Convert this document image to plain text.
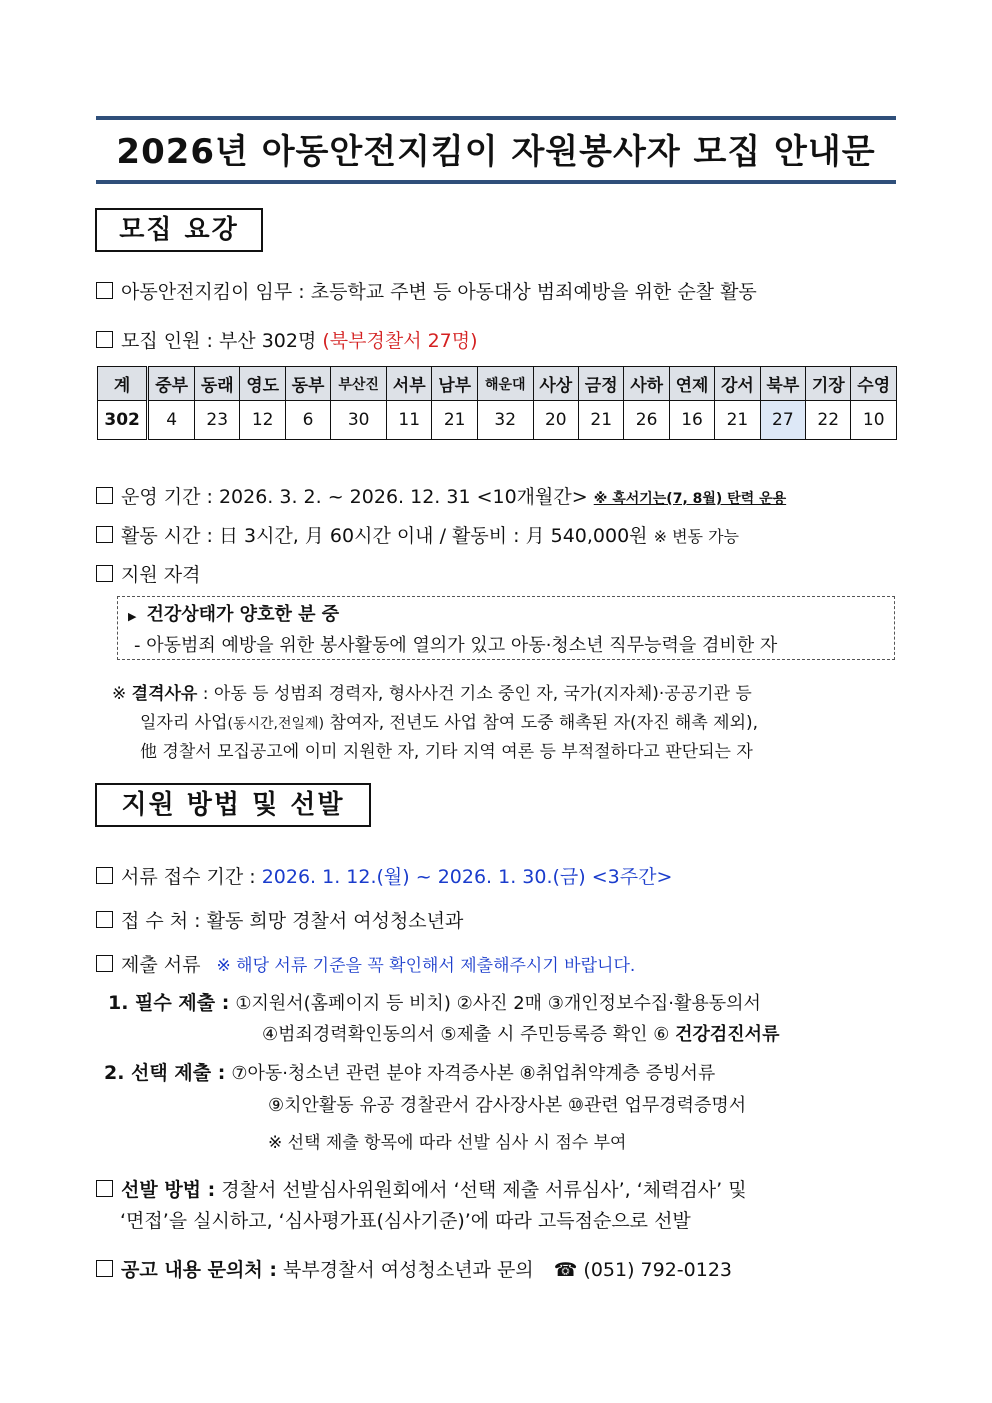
2026년 아동안전지킴이 자원봉사자 모집 안내문
모집 요강
아동안전지킴이 임무 : 초등학교 주변 등 아동대상 범죄예방을 위한 순찰 활동
모집 인원 : 부산 302명 (북부경찰서 27명)
계	중부	동래	영도	동부	부산진	서부	남부	해운대	사상	금정	사하	연제	강서	북부	기장	수영
302	4	23	12	6	30	11	21	32	20	21	26	16	21	27	22	10
운영 기간 : 2026. 3. 2. ~ 2026. 12. 31 <10개월간> ※ 혹서기는(7, 8월) 탄력 운용
활동 시간 : 日 3시간, 月 60시간 이내 / 활동비 : 月 540,000원 ※ 변동 가능
지원 자격
▶ 건강상태가 양호한 분 중
- 아동범죄 예방을 위한 봉사활동에 열의가 있고 아동·청소년 직무능력을 겸비한 자
※ 결격사유 : 아동 등 성범죄 경력자, 형사사건 기소 중인 자, 국가(지자체)·공공기관 등
일자리 사업(동시간,전일제) 참여자, 전년도 사업 참여 도중 해촉된 자(자진 해촉 제외),
他 경찰서 모집공고에 이미 지원한 자, 기타 지역 여론 등 부적절하다고 판단되는 자
지원 방법 및 선발
서류 접수 기간 : 2026. 1. 12.(월) ~ 2026. 1. 30.(금) <3주간>
접 수 처 : 활동 희망 경찰서 여성청소년과
제출 서류 ※ 해당 서류 기준을 꼭 확인해서 제출해주시기 바랍니다.
1. 필수 제출 : ①지원서(홈페이지 등 비치) ②사진 2매 ③개인정보수집·활용동의서
④범죄경력확인동의서 ⑤제출 시 주민등록증 확인 ⑥ 건강검진서류
2. 선택 제출 : ⑦아동·청소년 관련 분야 자격증사본 ⑧취업취약계층 증빙서류
⑨치안활동 유공 경찰관서 감사장사본 ⑩관련 업무경력증명서
※ 선택 제출 항목에 따라 선발 심사 시 점수 부여
선발 방법 : 경찰서 선발심사위원회에서 ‘선택 제출 서류심사’, ‘체력검사’ 및
‘면접’을 실시하고, ‘심사평가표(심사기준)’에 따라 고득점순으로 선발
공고 내용 문의처 : 북부경찰서 여성청소년과 문의 ☎ (051) 792-0123
